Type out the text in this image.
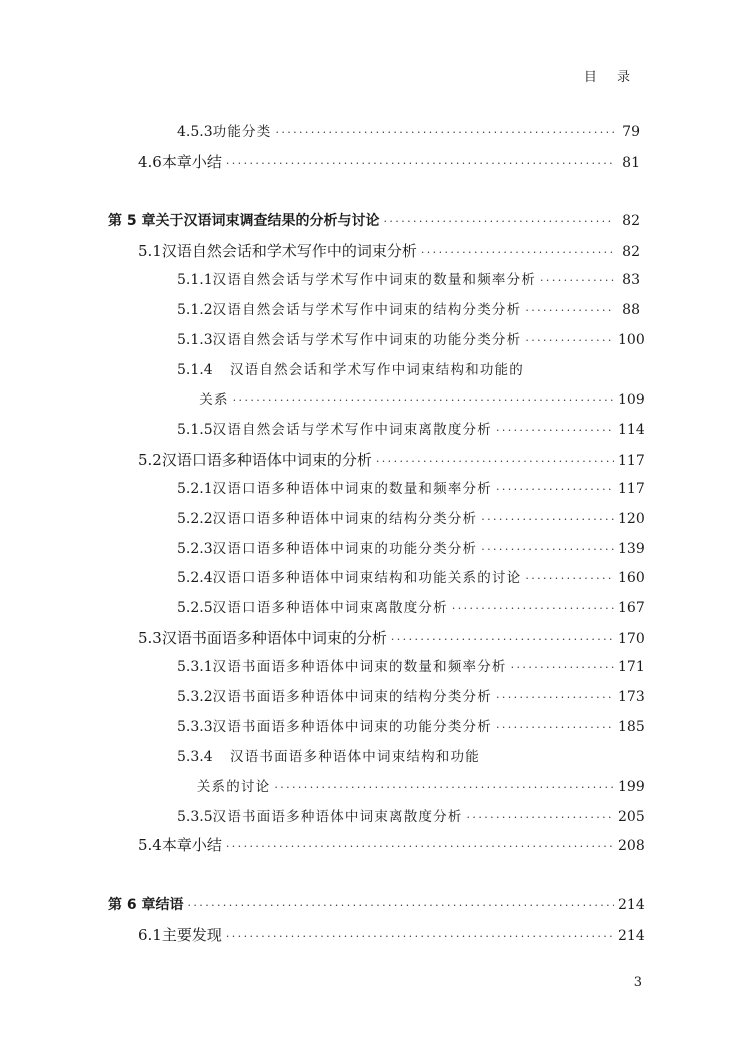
目 录
4.5.3 功能分类 ·····	79
4.6 本章小结 ·····	81
第 5 章 关于汉语词束调查结果的分析与讨论 ·····	82
5.1 汉语自然会话和学术写作中的词束分析 ·····	82
5.1.1 汉语自然会话与学术写作中词束的数量和频率分析 ·····	83
5.1.2 汉语自然会话与学术写作中词束的结构分类分析 ·····	88
5.1.3 汉语自然会话与学术写作中词束的功能分类分析 ·····	100
5.1.4	汉语自然会话和学术写作中词束结构和功能的
关系 ·····	109
5.1.5 汉语自然会话与学术写作中词束离散度分析 ·····	114
5.2 汉语口语多种语体中词束的分析 ·····	117
5.2.1 汉语口语多种语体中词束的数量和频率分析 ·····	117
5.2.2 汉语口语多种语体中词束的结构分类分析 ·····	120
5.2.3 汉语口语多种语体中词束的功能分类分析 ·····	139
5.2.4 汉语口语多种语体中词束结构和功能关系的讨论 ·····	160
5.2.5 汉语口语多种语体中词束离散度分析 ·····	167
5.3 汉语书面语多种语体中词束的分析 ·····	170
5.3.1 汉语书面语多种语体中词束的数量和频率分析 ·····	171
5.3.2 汉语书面语多种语体中词束的结构分类分析 ·····	173
5.3.3 汉语书面语多种语体中词束的功能分类分析 ·····	185
5.3.4	汉语书面语多种语体中词束结构和功能
关系的讨论 ·····	199
5.3.5 汉语书面语多种语体中词束离散度分析 ·····	205
5.4 本章小结 ·····	208
第 6 章 结语 ·····	214
6.1 主要发现 ·····	214
3
